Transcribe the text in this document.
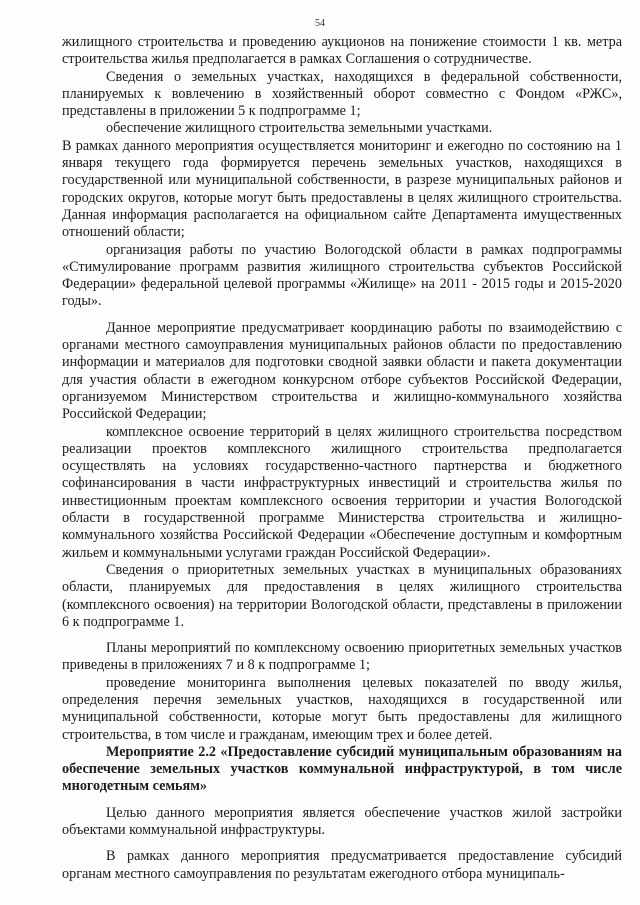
54

жилищного строительства и проведению аукционов на понижение стоимости 1 кв. метра строительства жилья предполагается в рамках Соглашения о сотрудничестве.

Сведения о земельных участках, находящихся в федеральной собственности, планируемых к вовлечению в хозяйственный оборот совместно с Фондом «РЖС», представлены в приложении 5 к подпрограмме 1;

обеспечение жилищного строительства земельными участками.

В рамках данного мероприятия осуществляется мониторинг и ежегодно по состоянию на 1 января текущего года формируется перечень земельных участков, находящихся в государственной или муниципальной собственности, в разрезе муниципальных районов и городских округов, которые могут быть предоставлены в целях жилищного строительства. Данная информация располагается на официальном сайте Департамента имущественных отношений области;

организация работы по участию Вологодской области в рамках подпрограммы «Стимулирование программ развития жилищного строительства субъектов Российской Федерации» федеральной целевой программы «Жилище» на 2011 - 2015 годы и 2015-2020 годы».

Данное мероприятие предусматривает координацию работы по взаимодействию с органами местного самоуправления муниципальных районов области по предоставлению информации и материалов для подготовки сводной заявки области и пакета документации для участия области в ежегодном конкурсном отборе субъектов Российской Федерации, организуемом Министерством строительства и жилищно-коммунального хозяйства Российской Федерации;

комплексное освоение территорий в целях жилищного строительства посредством реализации проектов комплексного жилищного строительства предполагается осуществлять на условиях государственно-частного партнерства и бюджетного софинансирования в части инфраструктурных инвестиций и строительства жилья по инвестиционным проектам комплексного освоения территории и участия Вологодской области в государственной программе Министерства строительства и жилищно-коммунального хозяйства Российской Федерации «Обеспечение доступным и комфортным жильем и коммунальными услугами граждан Российской Федерации».

Сведения о приоритетных земельных участках в муниципальных образованиях области, планируемых для предоставления в целях жилищного строительства (комплексного освоения) на территории Вологодской области, представлены в приложении 6 к подпрограмме 1.

Планы мероприятий по комплексному освоению приоритетных земельных участков приведены в приложениях 7 и 8 к подпрограмме 1;

проведение мониторинга выполнения целевых показателей по вводу жилья, определения перечня земельных участков, находящихся в государственной или муниципальной собственности, которые могут быть предоставлены для жилищного строительства, в том числе и гражданам, имеющим трех и более детей.

Мероприятие 2.2 «Предоставление субсидий муниципальным образованиям на обеспечение земельных участков коммунальной инфраструктурой, в том числе многодетным семьям»

Целью данного мероприятия является обеспечение участков жилой застройки объектами коммунальной инфраструктуры.

В рамках данного мероприятия предусматривается предоставление субсидий органам местного самоуправления по результатам ежегодного отбора муниципаль-
